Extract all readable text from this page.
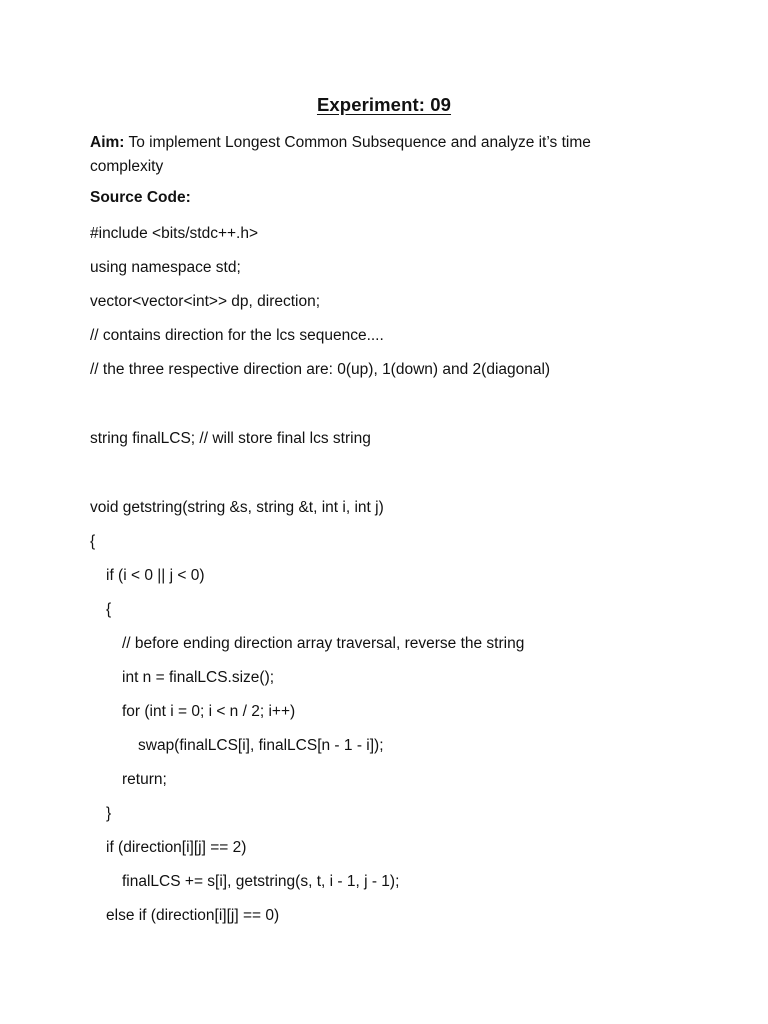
Experiment: 09
Aim: To implement Longest Common Subsequence and analyze it’s time complexity
Source Code:
#include <bits/stdc++.h>
using namespace std;
vector<vector<int>> dp, direction;
// contains direction for the lcs sequence....
// the three respective direction are: 0(up), 1(down) and 2(diagonal)
string finalLCS; // will store final lcs string
void getstring(string &s, string &t, int i, int j)
{
if (i < 0 || j < 0)
{
// before ending direction array traversal, reverse the string
int n = finalLCS.size();
for (int i = 0; i < n / 2; i++)
swap(finalLCS[i], finalLCS[n - 1 - i]);
return;
}
if (direction[i][j] == 2)
finalLCS += s[i], getstring(s, t, i - 1, j - 1);
else if (direction[i][j] == 0)
